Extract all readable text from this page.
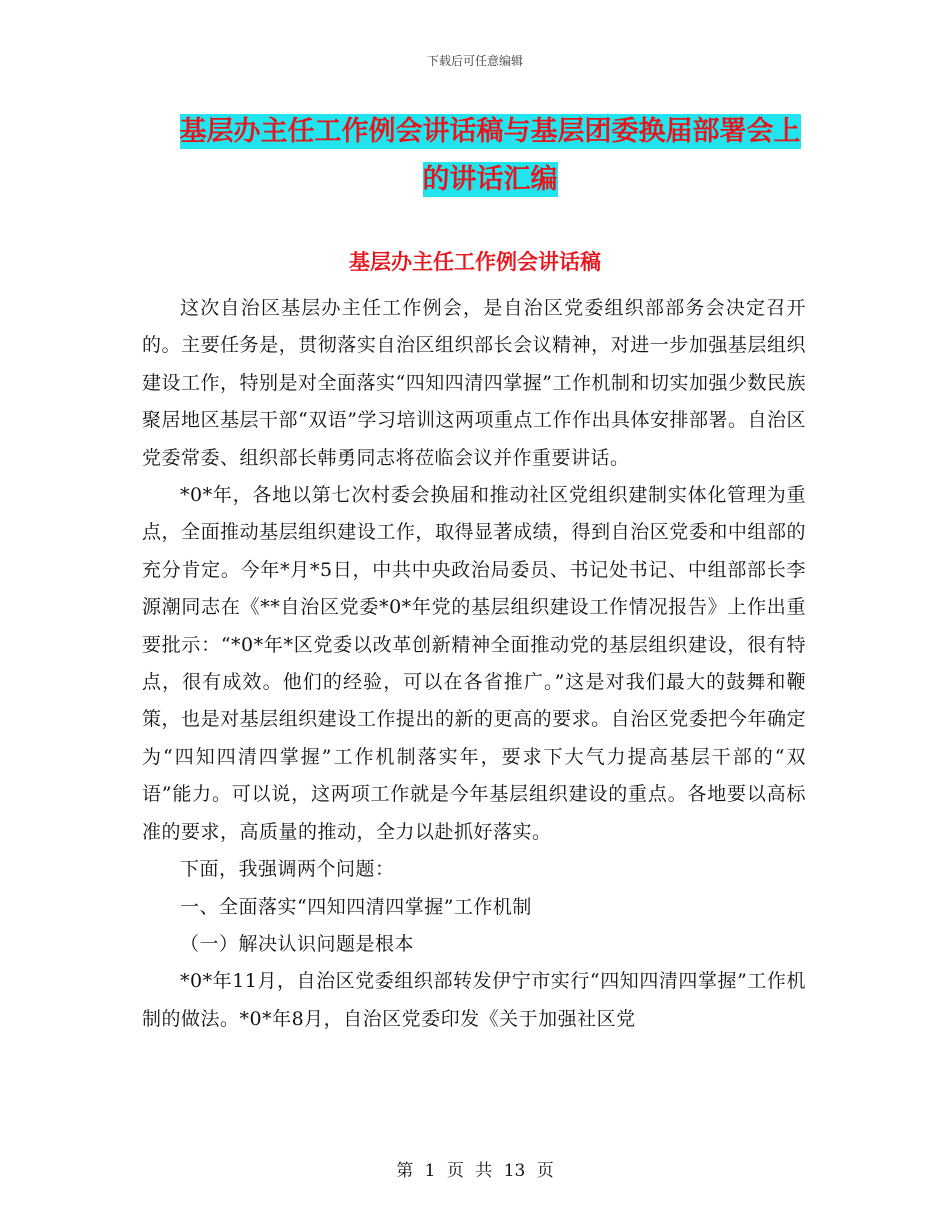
下载后可任意编辑
基层办主任工作例会讲话稿与基层团委换届部署会上
的讲话汇编
基层办主任工作例会讲话稿

这次自治区基层办主任工作例会，是自治区党委组织部部务会决定召开的。主要任务是，贯彻落实自治区组织部长会议精神，对进一步加强基层组织建设工作，特别是对全面落实“四知四清四掌握”工作机制和切实加强少数民族聚居地区基层干部“双语”学习培训这两项重点工作作出具体安排部署。自治区党委常委、组织部长韩勇同志将莅临会议并作重要讲话。

*0*年，各地以第七次村委会换届和推动社区党组织建制实体化管理为重点，全面推动基层组织建设工作，取得显著成绩，得到自治区党委和中组部的充分肯定。今年*月*5日，中共中央政治局委员、书记处书记、中组部部长李源潮同志在《**自治区党委*0*年党的基层组织建设工作情况报告》上作出重要批示：“*0*年*区党委以改革创新精神全面推动党的基层组织建设，很有特点，很有成效。他们的经验，可以在各省推广。”这是对我们最大的鼓舞和鞭策，也是对基层组织建设工作提出的新的更高的要求。自治区党委把今年确定为“四知四清四掌握”工作机制落实年，要求下大气力提高基层干部的“双语”能力。可以说，这两项工作就是今年基层组织建设的重点。各地要以高标准的要求，高质量的推动，全力以赴抓好落实。

下面，我强调两个问题：

一、全面落实“四知四清四掌握”工作机制

（一）解决认识问题是根本

*0*年11月，自治区党委组织部转发伊宁市实行“四知四清四掌握”工作机制的做法。*0*年8月，自治区党委印发《关于加强社区党

第 1 页 共 13 页
